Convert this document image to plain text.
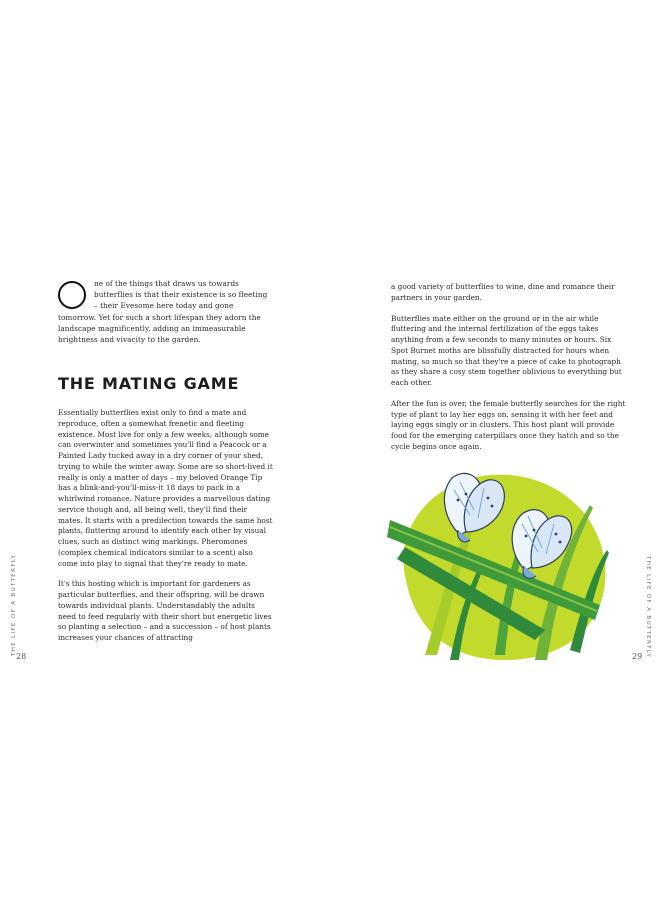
ne of the things that draws us towards butterflies is that their existence is so fleeting – their Evesome here today and gone tomorrow. Yet for such a short lifespan they adorn the landscape magnificently, adding an immeasurable brightness and vivacity to the garden.
THE MATING GAME

Essentially butterflies exist only to find a mate and reproduce, often a somewhat frenetic and fleeting existence. Most live for only a few weeks, although some can overwinter and sometimes you'll find a Peacock or a Painted Lady tucked away in a dry corner of your shed, trying to while the winter away. Some are so short-lived it really is only a matter of days – my beloved Orange Tip has a blink-and-you'll-miss-it 18 days to pack in a whirlwind romance. Nature provides a marvellous dating service though and, all being well, they'll find their mates. It starts with a predilection towards the same host plants, fluttering around to identify each other by visual clues, such as distinct wing markings. Pheromones (complex chemical indicators similar to a scent) also come into play to signal that they're ready to mate.

It's this hosting which is important for gardeners as particular butterflies, and their offspring, will be drawn towards individual plants. Understandably the adults need to feed regularly with their short but energetic lives so planting a selection – and a succession – of host plants increases your chances of attracting

THE LIFE OF A BUTTERFLY
28

a good variety of butterflies to wine, dine and romance their partners in your garden.

Butterflies mate either on the ground or in the air while fluttering and the internal fertilization of the eggs takes anything from a few seconds to many minutes or hours. Six Spot Burnet moths are blissfully distracted for hours when mating, so much so that they're a piece of cake to photograph as they share a cosy stem together oblivious to everything but each other.

After the fun is over, the female butterfly searches for the right type of plant to lay her eggs on, sensing it with her feet and laying eggs singly or in clusters. This host plant will provide food for the emerging caterpillars once they hatch and so the cycle begins once again.

THE LIFE OF A BUTTERFLY
29
